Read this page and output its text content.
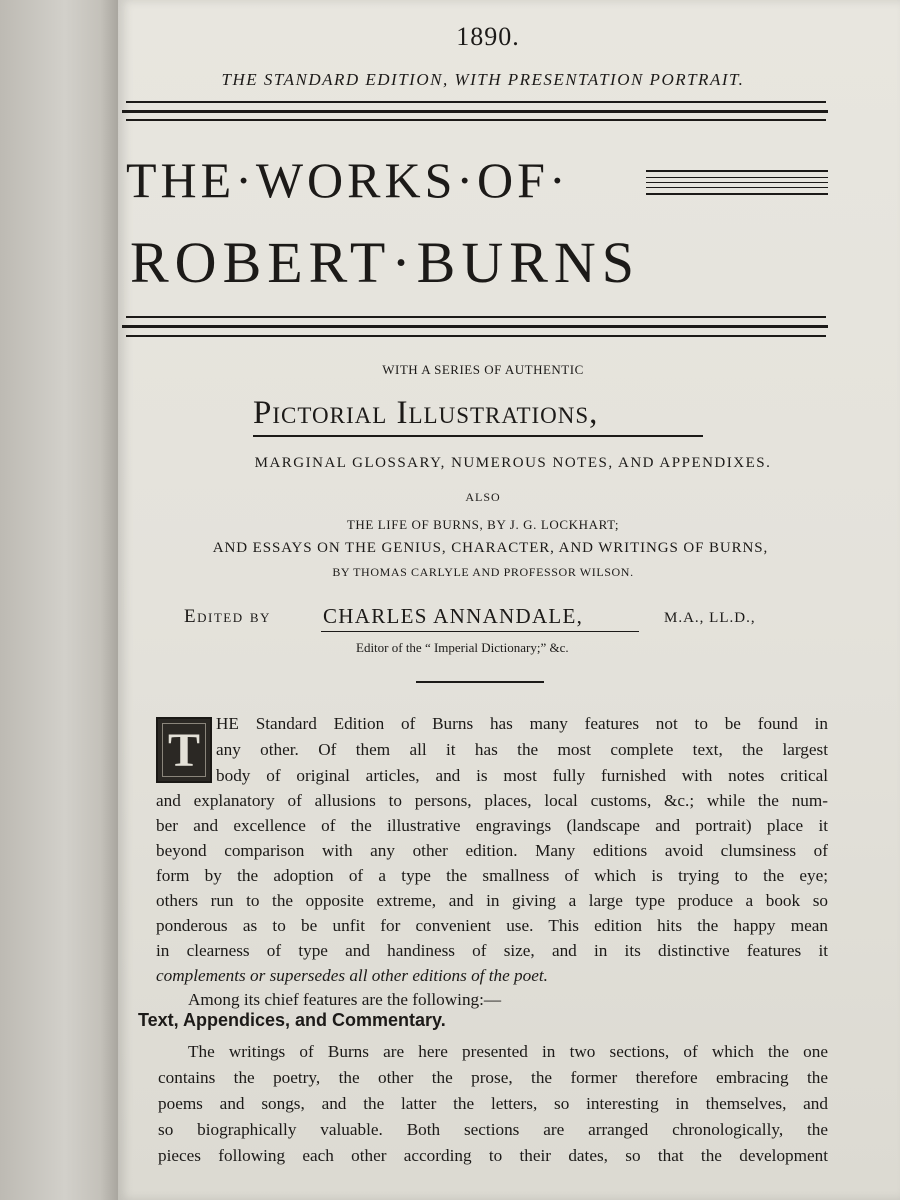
1890.
THE STANDARD EDITION, WITH PRESENTATION PORTRAIT.
THE·WORKS·OF·
ROBERT·BURNS
WITH A SERIES OF AUTHENTIC
Pictorial Illustrations,
MARGINAL GLOSSARY, NUMEROUS NOTES, AND APPENDIXES.
ALSO
THE LIFE OF BURNS, BY J. G. LOCKHART;
AND ESSAYS ON THE GENIUS, CHARACTER, AND WRITINGS OF BURNS,
BY THOMAS CARLYLE AND PROFESSOR WILSON.
Edited by CHARLES ANNANDALE,	M.A., LL.D.,
Editor of the “ Imperial Dictionary;” &c.
T HE Standard Edition of Burns has many features not to be found in
any other. Of them all it has the most complete text, the largest
body of original articles, and is most fully furnished with notes critical
and explanatory of allusions to persons, places, local customs, &c.; while the num-
ber and excellence of the illustrative engravings (landscape and portrait) place it
beyond comparison with any other edition. Many editions avoid clumsiness of
form by the adoption of a type the smallness of which is trying to the eye;
others run to the opposite extreme, and in giving a large type produce a book so
ponderous as to be unfit for convenient use. This edition hits the happy mean
in clearness of type and handiness of size, and in its distinctive features it
complements or supersedes all other editions of the poet.
Among its chief features are the following:—
Text, Appendices, and Commentary.
The writings of Burns are here presented in two sections, of which the one
contains the poetry, the other the prose, the former therefore embracing the
poems and songs, and the latter the letters, so interesting in themselves, and
so biographically valuable. Both sections are arranged chronologically, the
pieces following each other according to their dates, so that the development
